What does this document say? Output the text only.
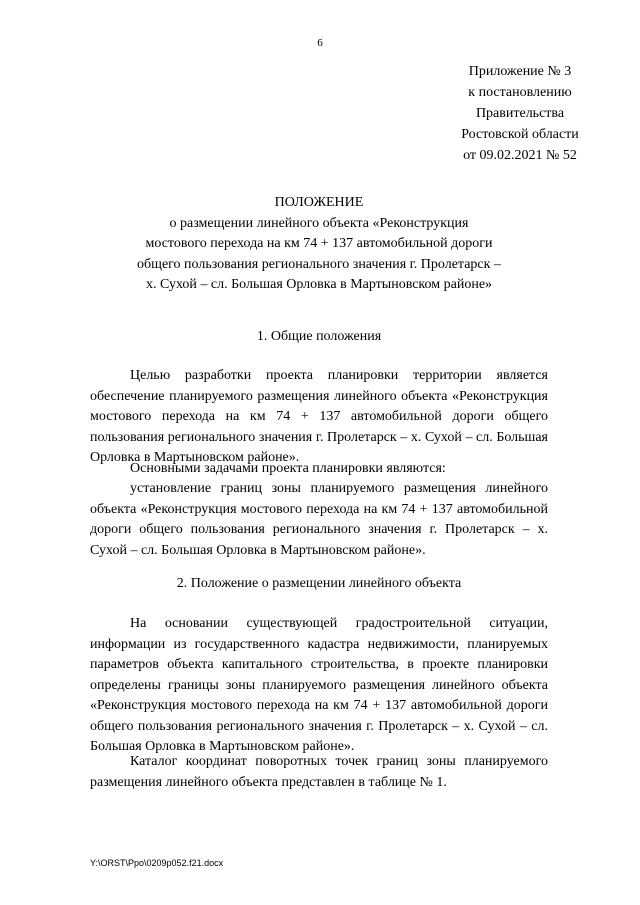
6
Приложение № 3
к постановлению
Правительства
Ростовской области
от 09.02.2021 № 52
ПОЛОЖЕНИЕ
о размещении линейного объекта «Реконструкция
мостового перехода на км 74 + 137 автомобильной дороги
общего пользования регионального значения г. Пролетарск –
х. Сухой – сл. Большая Орловка в Мартыновском районе»
1. Общие положения

Целью разработки проекта планировки территории является обеспечение планируемого размещения линейного объекта «Реконструкция мостового перехода на км 74 + 137 автомобильной дороги общего пользования регионального значения г. Пролетарск – х. Сухой – сл. Большая Орловка в Мартыновском районе».

Основными задачами проекта планировки являются:

установление границ зоны планируемого размещения линейного объекта «Реконструкция мостового перехода на км 74 + 137 автомобильной дороги общего пользования регионального значения г. Пролетарск – х. Сухой – сл. Большая Орловка в Мартыновском районе».

2. Положение о размещении линейного объекта

На основании существующей градостроительной ситуации, информации из государственного кадастра недвижимости, планируемых параметров объекта капитального строительства, в проекте планировки определены границы зоны планируемого размещения линейного объекта «Реконструкция мостового перехода на км 74 + 137 автомобильной дороги общего пользования регионального значения г. Пролетарск – х. Сухой – сл. Большая Орловка в Мартыновском районе».

Каталог координат поворотных точек границ зоны планируемого размещения линейного объекта представлен в таблице № 1.

Y:\ORST\Ppo\0209p052.f21.docx
